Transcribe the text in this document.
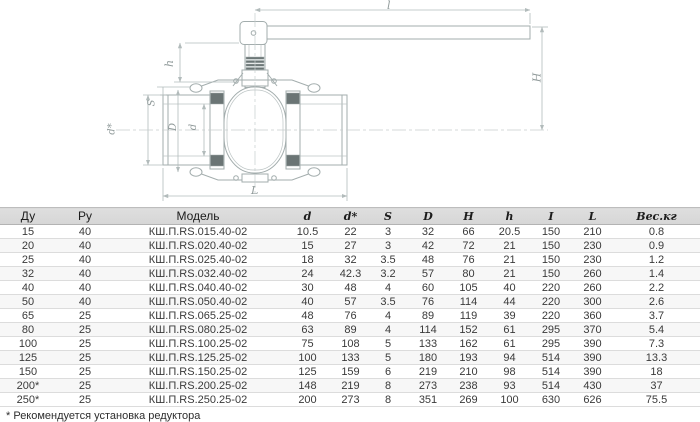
l
H
h
S
d*	D d
L
Ду	Ру	Модель	d	d*	S	D	H	h	I	L	Вес.кг
15	40	КШ.П.RS.015.40-02	10.5	22	3	32	66	20.5	150	210	0.8
20	40	КШ.П.RS.020.40-02	15	27	3	42	72	21	150	230	0.9
25	40	КШ.П.RS.025.40-02	18	32	3.5	48	76	21	150	230	1.2
32	40	КШ.П.RS.032.40-02	24	42.3	3.2	57	80	21	150	260	1.4
40	40	КШ.П.RS.040.40-02	30	48	4	60	105	40	220	260	2.2
50	40	КШ.П.RS.050.40-02	40	57	3.5	76	114	44	220	300	2.6
65	25	КШ.П.RS.065.25-02	48	76	4	89	119	39	220	360	3.7
80	25	КШ.П.RS.080.25-02	63	89	4	114	152	61	295	370	5.4
100	25	КШ.П.RS.100.25-02	75	108	5	133	162	61	295	390	7.3
125	25	КШ.П.RS.125.25-02	100	133	5	180	193	94	514	390	13.3
150	25	КШ.П.RS.150.25-02	125	159	6	219	210	98	514	390	18
200*	25	КШ.П.RS.200.25-02	148	219	8	273	238	93	514	430	37
250*	25	КШ.П.RS.250.25-02	200	273	8	351	269	100	630	626	75.5
* Рекомендуется установка редуктора
